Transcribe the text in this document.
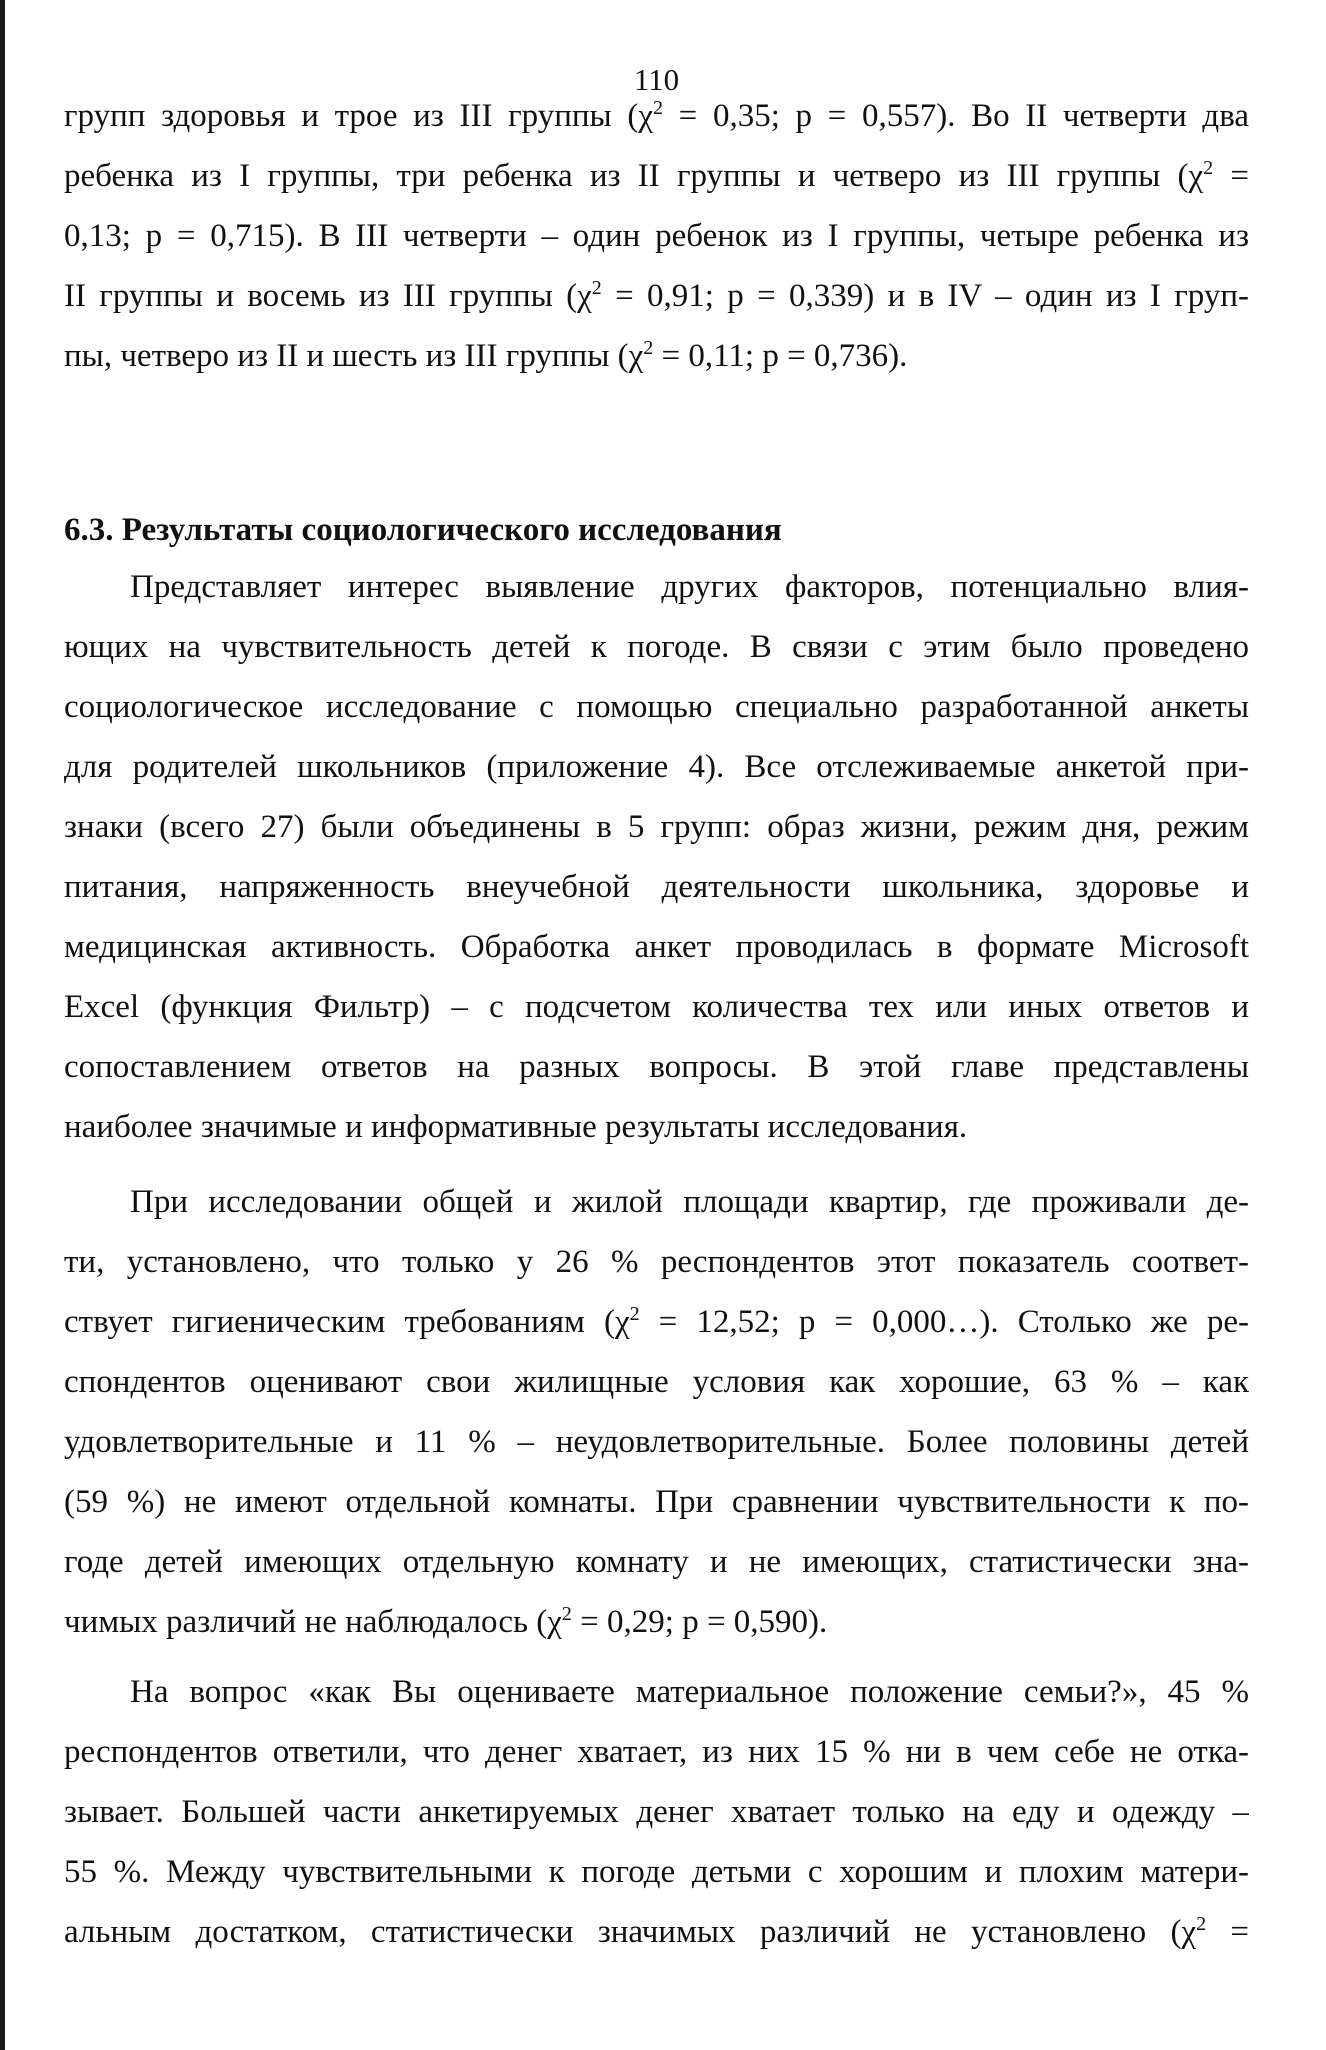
110
групп здоровья и трое из III группы ($\chi^2 = 0,35$; р = 0,557). Во II четверти два
ребенка из I группы, три ребенка из II группы и четверо из III группы ($\chi^2$ =
0,13; р = 0,715). В III четверти – один ребенок из I группы, четыре ребенка из
II группы и восемь из III группы ($\chi^2 = 0,91$; р = 0,339) и в IV – один из I груп-
пы, четверо из II и шесть из III группы ($\chi^2 = 0,11$; р = 0,736).
6.3. Результаты социологического исследования
Представляет интерес выявление других факторов, потенциально влия-
ющих на чувствительность детей к погоде. В связи с этим было проведено
социологическое исследование с помощью специально разработанной анкеты
для родителей школьников (приложение 4). Все отслеживаемые анкетой при-
знаки (всего 27) были объединены в 5 групп: образ жизни, режим дня, режим
питания, напряженность внеучебной деятельности школьника, здоровье и
медицинская активность. Обработка анкет проводилась в формате Microsoft
Excel (функция Фильтр) – с подсчетом количества тех или иных ответов и
сопоставлением ответов на разных вопросы. В этой главе представлены
наиболее значимые и информативные результаты исследования.
При исследовании общей и жилой площади квартир, где проживали де-
ти, установлено, что только у 26 % респондентов этот показатель соответ-
ствует гигиеническим требованиям ($\chi^2 = 12,52$; р = 0,000…). Столько же ре-
спондентов оценивают свои жилищные условия как хорошие, 63 % – как
удовлетворительные и 11 % – неудовлетворительные. Более половины детей
(59 %) не имеют отдельной комнаты. При сравнении чувствительности к по-
годе детей имеющих отдельную комнату и не имеющих, статистически зна-
чимых различий не наблюдалось ($\chi^2 = 0,29$; р = 0,590).
На вопрос «как Вы оцениваете материальное положение семьи?», 45 %
респондентов ответили, что денег хватает, из них 15 % ни в чем себе не отка-
зывает. Большей части анкетируемых денег хватает только на еду и одежду –
55 %. Между чувствительными к погоде детьми с хорошим и плохим матери-
альным достатком, статистически значимых различий не установлено ($\chi^2$ =
